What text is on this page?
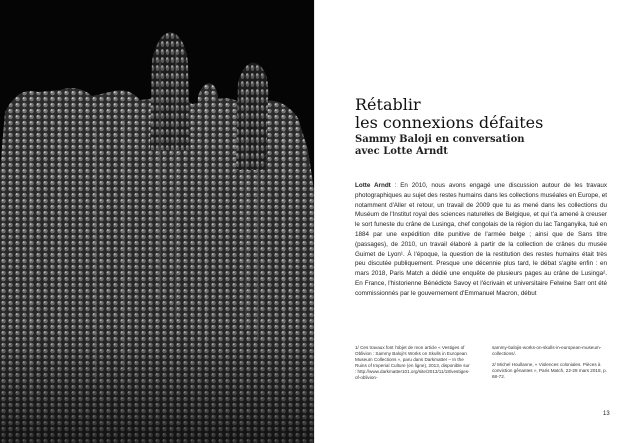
Rétablir
les connexions défaites
Sammy Baloji en conversation
avec Lotte Arndt

Lotte Arndt : En 2010, nous avons engagé une discussion autour de les travaux photographiques au sujet des restes humains dans les collections muséales en Europe, et notamment d'Aller et retour, un travail de 2009 que tu as mené dans les collections du Muséum de l'Institut royal des sciences naturelles de Belgique, et qui t'a amené à creuser le sort funeste du crâne de Lusinga, chef congolais de la région du lac Tanganyika, tué en 1884 par une expédition dite punitive de l'armée belge ; ainsi que de Sans titre (passages), de 2010, un travail élaboré à partir de la collection de crânes du musée Guimet de Lyon¹. À l'époque, la question de la restitution des restes humains était très peu discutée publiquement. Presque une décennie plus tard, le débat s'agite enfin : en mars 2018, Paris Match a dédié une enquête de plusieurs pages au crâne de Lusinga². En France, l'historienne Bénédicte Savoy et l'écrivain et universitaire Felwine Sarr ont été commissionnés par le gouvernement d'Emmanuel Macron, début

1/ Ces travaux font l'objet de mon article « Vestiges of Oblivion : Sammy Baloji's Works on Skulls in European Museum Collections », paru dans Darkmatter – In the Ruins of Imperial Culture (en ligne), 2013, disponible sur : http://www.darkmatter101.org/site/2013/11/18/vestiges-of-oblivion-

sammy-balojis-works-on-skulls-in-european-museum-collections/.

2/ Michel Houllanne, « Violences coloniales. Pièces à conviction gênantes », Paris Match, 22-28 mars 2018, p. 68-72.

13
